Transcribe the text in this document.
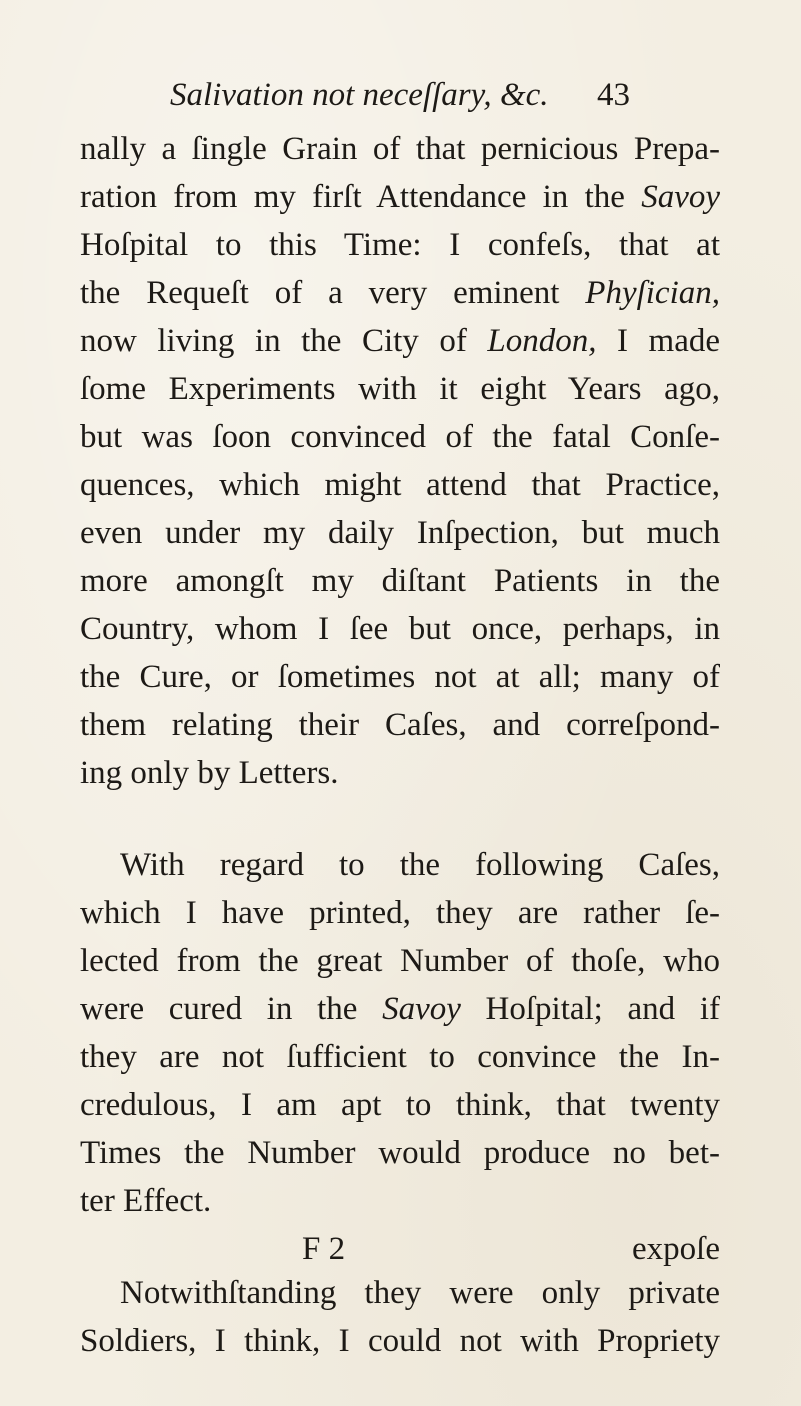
Salivation not neceſſary, &c. 43
nally a ſingle Grain of that pernicious Prepa-
ration from my firſt Attendance in the Savoy
Hoſpital to this Time: I confeſs, that at
the Requeſt of a very eminent Phyſician,
now living in the City of London, I made
ſome Experiments with it eight Years ago,
but was ſoon convinced of the fatal Conſe-
quences, which might attend that Practice,
even under my daily Inſpection, but much
more amongſt my diſtant Patients in the
Country, whom I ſee but once, perhaps, in
the Cure, or ſometimes not at all; many of
them relating their Caſes, and correſpond-
ing only by Letters.
With regard to the following Caſes,
which I have printed, they are rather ſe-
lected from the great Number of thoſe, who
were cured in the Savoy Hoſpital; and if
they are not ſufficient to convince the In-
credulous, I am apt to think, that twenty
Times the Number would produce no bet-
ter Effect.
Notwithſtanding they were only private
Soldiers, I think, I could not with Propriety
F 2	expoſe
